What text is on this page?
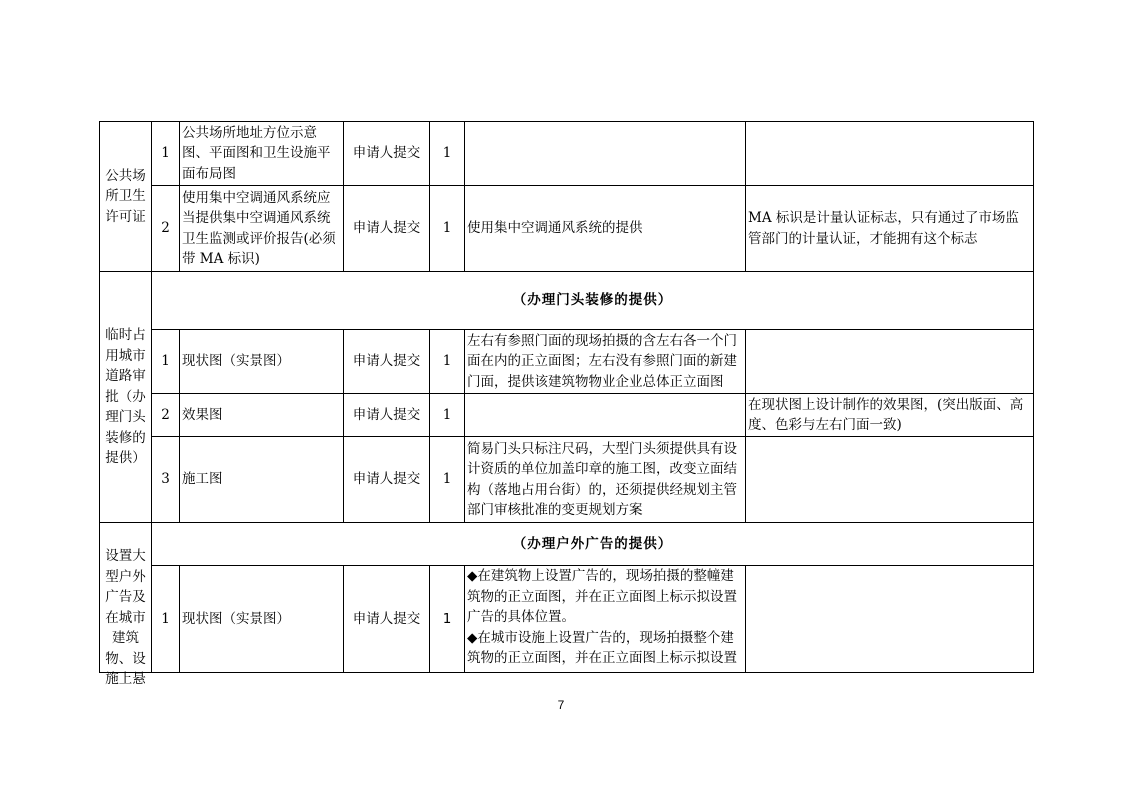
公共场所卫生许可证	1	公共场所地址方位示意图、平面图和卫生设施平面布局图	申请人提交	1		
	2	使用集中空调通风系统应当提供集中空调通风系统卫生监测或评价报告(必须带 MA 标识)	申请人提交	1	使用集中空调通风系统的提供	MA 标识是计量认证标志，只有通过了市场监管部门的计量认证，才能拥有这个标志
临时占用城市道路审批（办理门头装修的提供）	（办理门头装修的提供）					
	1	现状图（实景图）	申请人提交	1	左右有参照门面的现场拍摄的含左右各一个门面在内的正立面图；左右没有参照门面的新建门面，提供该建筑物物业企业总体正立面图	
	2	效果图	申请人提交	1		在现状图上设计制作的效果图，(突出版面、高度、色彩与左右门面一致)
	3	施工图	申请人提交	1	简易门头只标注尺码，大型门头须提供具有设计资质的单位加盖印章的施工图，改变立面结构（落地占用台街）的，还须提供经规划主管部门审核批准的变更规划方案	

设置大型户外广告及在城市建筑物、设施上悬	（办理户外广告的提供）					
	1	现状图（实景图）	申请人提交	1	◆在建筑物上设置广告的，现场拍摄的整幢建筑物的正立面图，并在正立面图上标示拟设置广告的具体位置。
◆在城市设施上设置广告的，现场拍摄整个建筑物的正立面图，并在正立面图上标示拟设置	

7
